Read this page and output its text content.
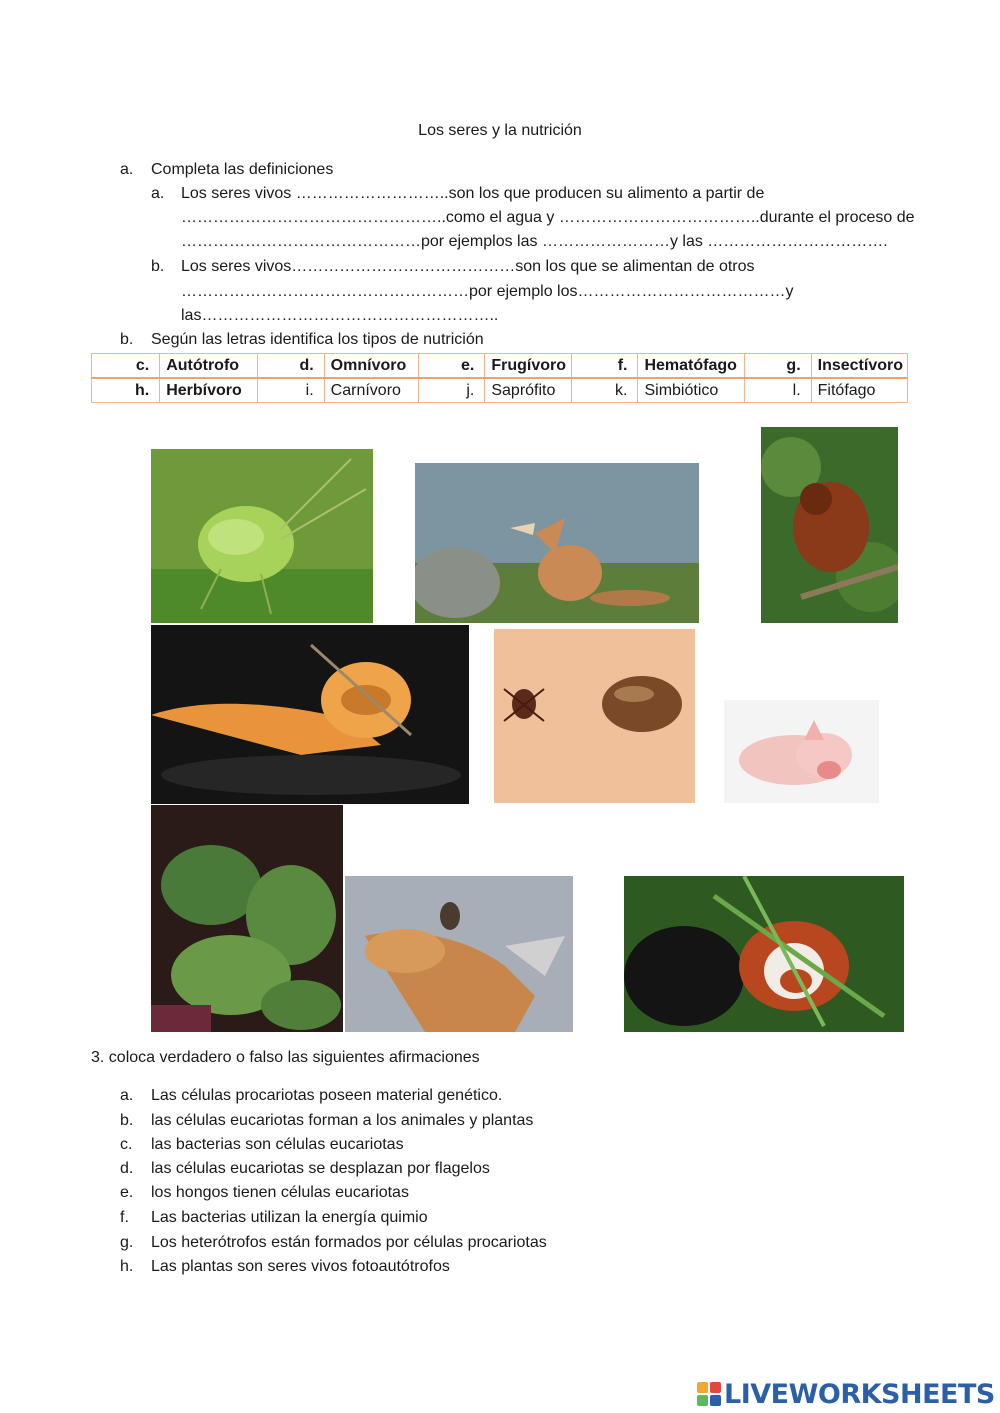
Los seres y la nutrición
a. Completa las definiciones
a. Los seres vivos ………………………..son los que producen su alimento a partir de
…………………………………………..como el agua y ………………………………..durante el proceso de
………………………………………por ejemplos las ……………………y las …………………………….
b. Los seres vivos……………………………………son los que se alimentan de otros
………………………………………………por ejemplo los…………………………………y
las………………………………………………..
b. Según las letras identifica los tipos de nutrición
c.	Autótrofo	d.	Omnívoro	e.	Frugívoro	f.	Hematófago	g.	Insectívoro
h.	Herbívoro	i.	Carnívoro	j.	Saprófito	k.	Simbiótico	l.	Fitófago
3. coloca verdadero o falso las siguientes afirmaciones
a. Las células procariotas poseen material genético.
b. las células eucariotas forman a los animales y plantas
c. las bacterias son células eucariotas
d. las células eucariotas se desplazan por flagelos
e. los hongos tienen células eucariotas
f. Las bacterias utilizan la energía quimio
g. Los heterótrofos están formados por células procariotas
h. Las plantas son seres vivos fotoautótrofos
LIVEWORKSHEETS
